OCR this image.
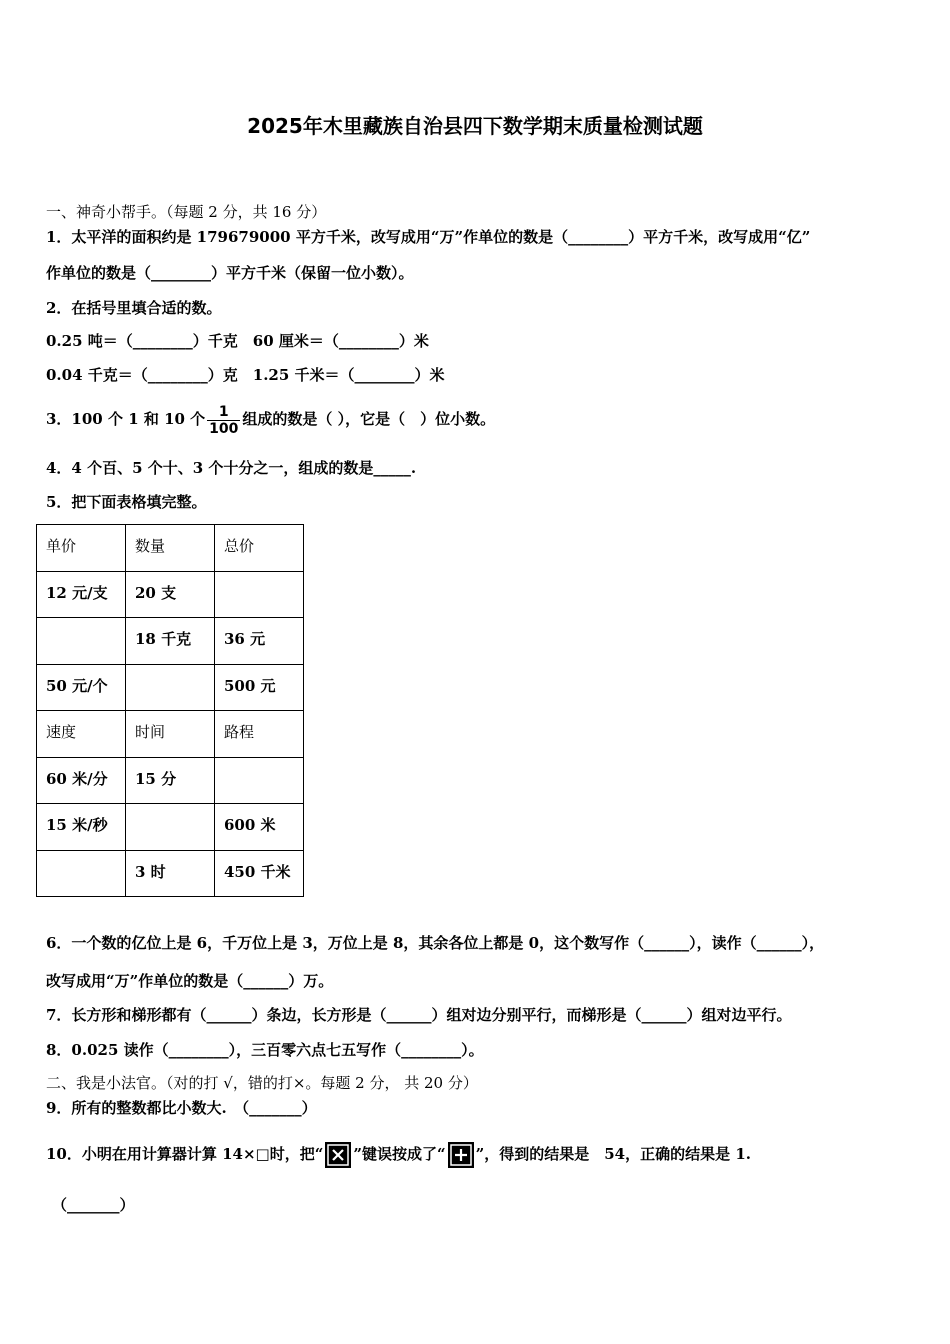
2025年木里藏族自治县四下数学期末质量检测试题
一、神奇小帮手。（每题 2 分，共 16 分）
1．太平洋的面积约是 179679000 平方千米，改写成用“万”作单位的数是（________）平方千米，改写成用“亿”
作单位的数是（________）平方千米（保留一位小数）。
2．在括号里填合适的数。
0.25 吨＝（________）千克　60 厘米＝（________）米
0.04 千克＝（________）克　1.25 千米＝（________）米
3．100 个 1 和 10 个 $\frac{1}{100}$ 组成的数是（ ），它是（　）位小数。
4．4 个百、5 个十、3 个十分之一，组成的数是_____.
5．把下面表格填完整。
单价	数量	总价
12 元/支	20 支	
	18 千克	36 元
50 元/个		500 元
速度	时间	路程
60 米/分	15 分	
15 米/秒		600 米
	3 时	450 千米
6．一个数的亿位上是 6，千万位上是 3，万位上是 8，其余各位上都是 0，这个数写作（______），读作（______），
改写成用“万”作单位的数是（______）万。
7．长方形和梯形都有（______）条边，长方形是（______）组对边分别平行，而梯形是（______）组对边平行。
8．0.025 读作（________），三百零六点七五写作（________）。
二、我是小法官。（对的打 √，错的打×。每题 2 分， 共 20 分）
9．所有的整数都比小数大.　（_______）
10．小明在用计算器计算 14×□时，把“ ”键误按成了“ ”，得到的结果是　54，正确的结果是 1.
（_______）
